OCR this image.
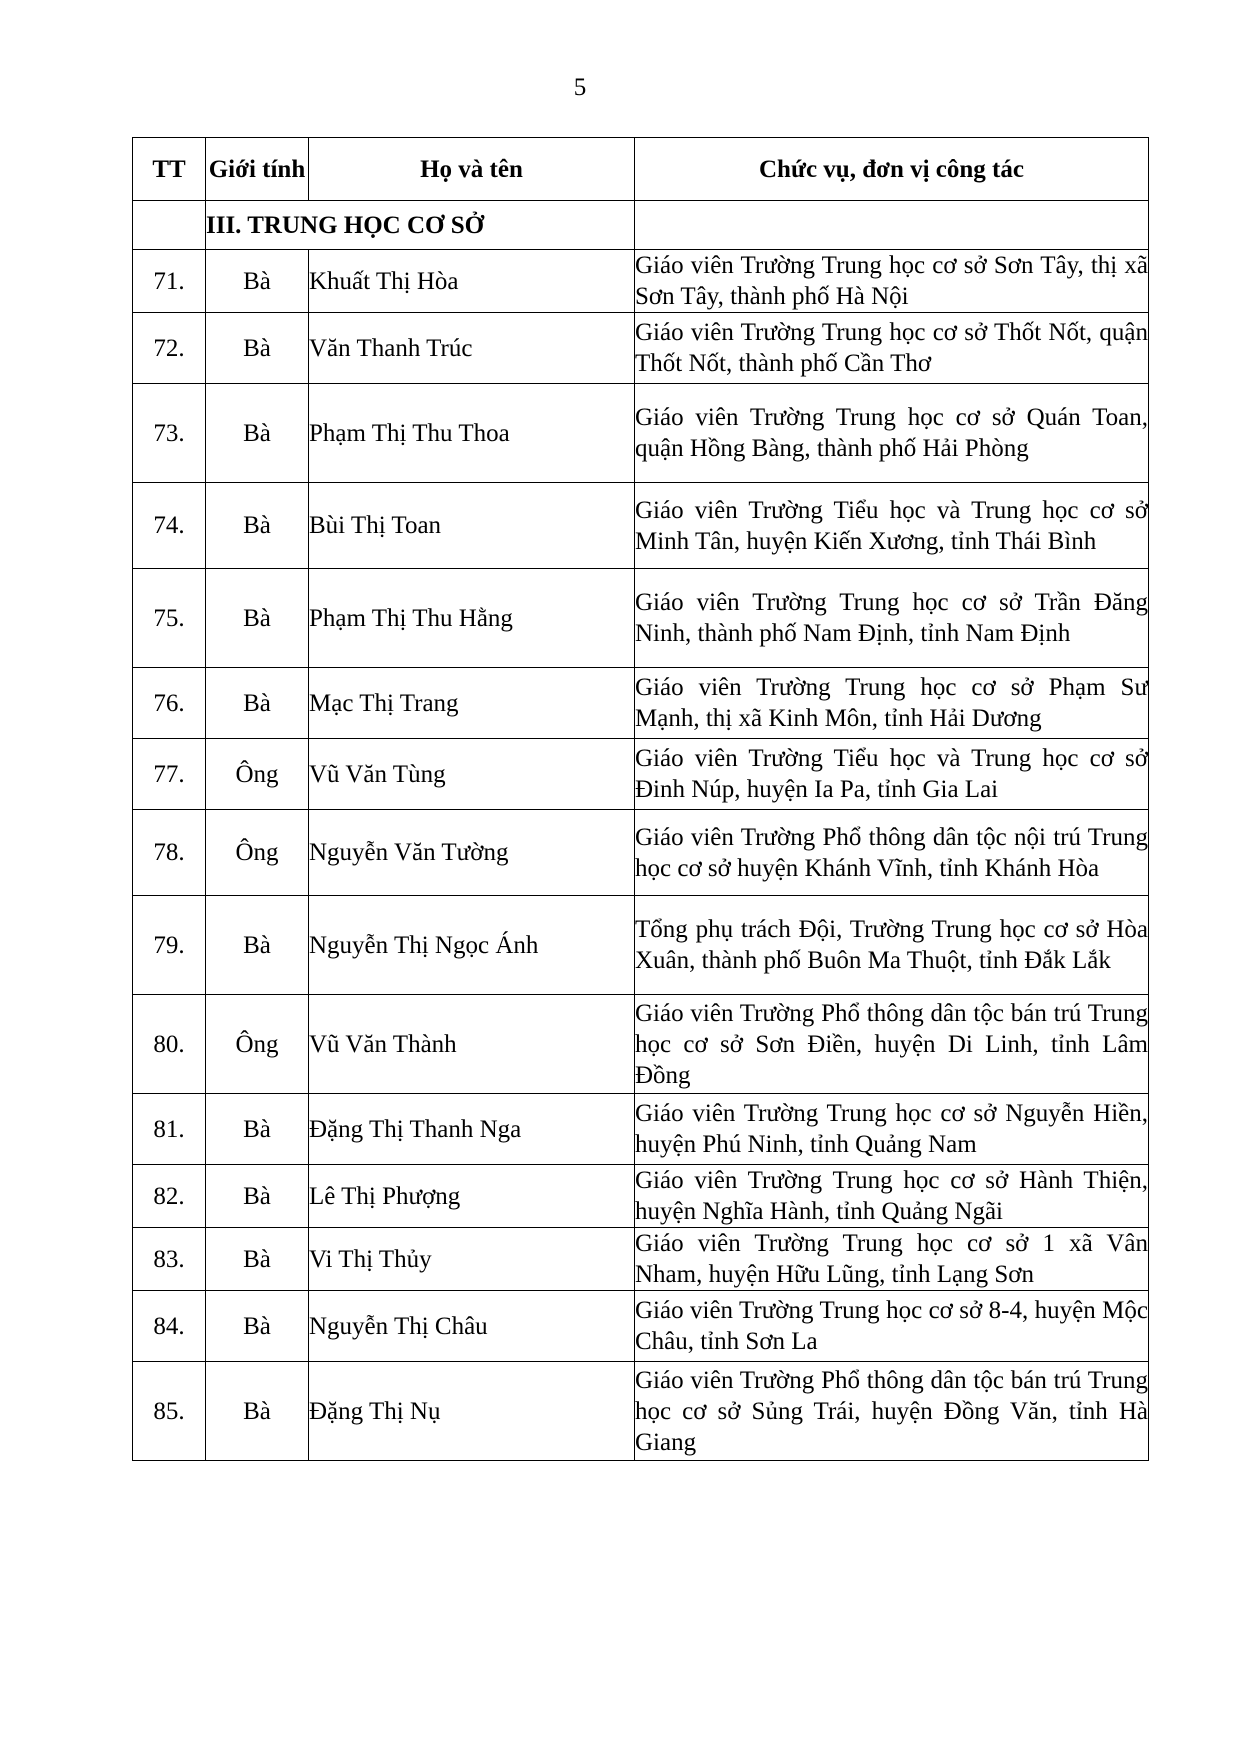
5
TT	Giới tính	Họ và tên	Chức vụ, đơn vị công tác
	III. TRUNG HỌC CƠ SỞ		
71.	Bà	Khuất Thị Hòa	Giáo viên Trường Trung học cơ sở Sơn Tây, thị xã Sơn Tây, thành phố Hà Nội
72.	Bà	Văn Thanh Trúc	Giáo viên Trường Trung học cơ sở Thốt Nốt, quận Thốt Nốt, thành phố Cần Thơ
73.	Bà	Phạm Thị Thu Thoa	Giáo viên Trường Trung học cơ sở Quán Toan, quận Hồng Bàng, thành phố Hải Phòng
74.	Bà	Bùi Thị Toan	Giáo viên Trường Tiểu học và Trung học cơ sở Minh Tân, huyện Kiến Xương, tỉnh Thái Bình
75.	Bà	Phạm Thị Thu Hằng	Giáo viên Trường Trung học cơ sở Trần Đăng Ninh, thành phố Nam Định, tỉnh Nam Định
76.	Bà	Mạc Thị Trang	Giáo viên Trường Trung học cơ sở Phạm Sư Mạnh, thị xã Kinh Môn, tỉnh Hải Dương
77.	Ông	Vũ Văn Tùng	Giáo viên Trường Tiểu học và Trung học cơ sở Đinh Núp, huyện Ia Pa, tỉnh Gia Lai
78.	Ông	Nguyễn Văn Tường	Giáo viên Trường Phổ thông dân tộc nội trú Trung học cơ sở huyện Khánh Vĩnh, tỉnh Khánh Hòa
79.	Bà	Nguyễn Thị Ngọc Ánh	Tổng phụ trách Đội, Trường Trung học cơ sở Hòa Xuân, thành phố Buôn Ma Thuột, tỉnh Đắk Lắk
80.	Ông	Vũ Văn Thành	Giáo viên Trường Phổ thông dân tộc bán trú Trung học cơ sở Sơn Điền, huyện Di Linh, tỉnh Lâm Đồng
81.	Bà	Đặng Thị Thanh Nga	Giáo viên Trường Trung học cơ sở Nguyễn Hiền, huyện Phú Ninh, tỉnh Quảng Nam
82.	Bà	Lê Thị Phượng	Giáo viên Trường Trung học cơ sở Hành Thiện, huyện Nghĩa Hành, tỉnh Quảng Ngãi
83.	Bà	Vi Thị Thủy	Giáo viên Trường Trung học cơ sở 1 xã Vân Nham, huyện Hữu Lũng, tỉnh Lạng Sơn
84.	Bà	Nguyễn Thị Châu	Giáo viên Trường Trung học cơ sở 8-4, huyện Mộc Châu, tỉnh Sơn La
85.	Bà	Đặng Thị Nụ	Giáo viên Trường Phổ thông dân tộc bán trú Trung học cơ sở Sủng Trái, huyện Đồng Văn, tỉnh Hà Giang
